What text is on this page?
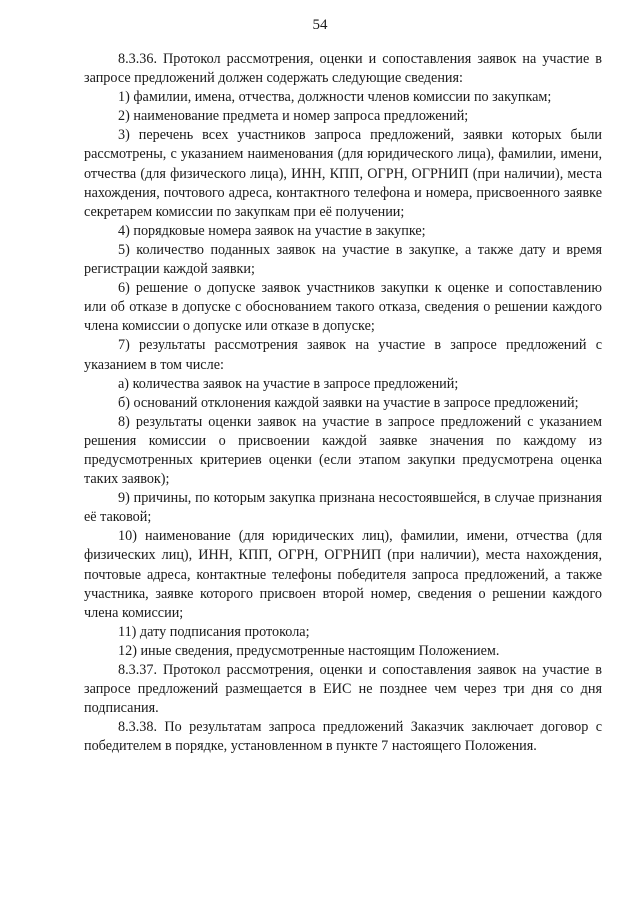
54

8.3.36. Протокол рассмотрения, оценки и сопоставления заявок на участие в запросе предложений должен содержать следующие сведения:

1) фамилии, имена, отчества, должности членов комиссии по закупкам;

2) наименование предмета и номер запроса предложений;

3) перечень всех участников запроса предложений, заявки которых были рассмотрены, с указанием наименования (для юридического лица), фамилии, имени, отчества (для физического лица), ИНН, КПП, ОГРН, ОГРНИП (при наличии), места нахождения, почтового адреса, контактного телефона и номера, присвоенного заявке секретарем комиссии по закупкам при её получении;

4) порядковые номера заявок на участие в закупке;

5) количество поданных заявок на участие в закупке, а также дату и время регистрации каждой заявки;

6) решение о допуске заявок участников закупки к оценке и сопоставлению или об отказе в допуске с обоснованием такого отказа, сведения о решении каждого члена комиссии о допуске или отказе в допуске;

7) результаты рассмотрения заявок на участие в запросе предложений с указанием в том числе:

а) количества заявок на участие в запросе предложений;

б) оснований отклонения каждой заявки на участие в запросе предложений;

8) результаты оценки заявок на участие в запросе предложений с указанием решения комиссии о присвоении каждой заявке значения по каждому из предусмотренных критериев оценки (если этапом закупки предусмотрена оценка таких заявок);

9) причины, по которым закупка признана несостоявшейся, в случае признания её таковой;

10) наименование (для юридических лиц), фамилии, имени, отчества (для физических лиц), ИНН, КПП, ОГРН, ОГРНИП (при наличии), места нахождения, почтовые адреса, контактные телефоны победителя запроса предложений, а также участника, заявке которого присвоен второй номер, сведения о решении каждого члена комиссии;

11) дату подписания протокола;

12) иные сведения, предусмотренные настоящим Положением.

8.3.37. Протокол рассмотрения, оценки и сопоставления заявок на участие в запросе предложений размещается в ЕИС не позднее чем через три дня со дня подписания.

8.3.38. По результатам запроса предложений Заказчик заключает договор с победителем в порядке, установленном в пункте 7 настоящего Положения.
